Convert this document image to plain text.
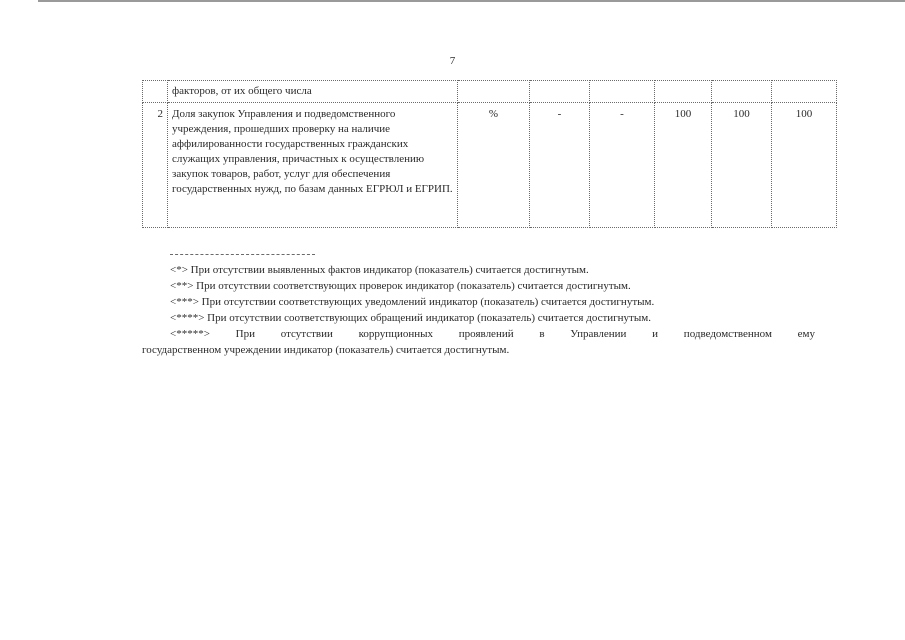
7
	факторов, от их общего числа						
2	Доля закупок Управления и подведомственного учреждения, прошедших проверку на наличие аффилированности государственных гражданских служащих управления, причастных к осуществлению закупок товаров, работ, услуг для обеспечения государственных нужд, по базам данных ЕГРЮЛ и ЕГРИП.	%	-	-	100	100	100

<*> При отсутствии выявленных фактов индикатор (показатель) считается достигнутым.

<**> При отсутствии соответствующих проверок индикатор (показатель) считается достигнутым.

<***> При отсутствии соответствующих уведомлений индикатор (показатель) считается достигнутым.

<****> При отсутствии соответствующих обращений индикатор (показатель) считается достигнутым.

<*****> При отсутствии коррупционных проявлений в Управлении и подведомственном ему

государственном учреждении индикатор (показатель) считается достигнутым.
